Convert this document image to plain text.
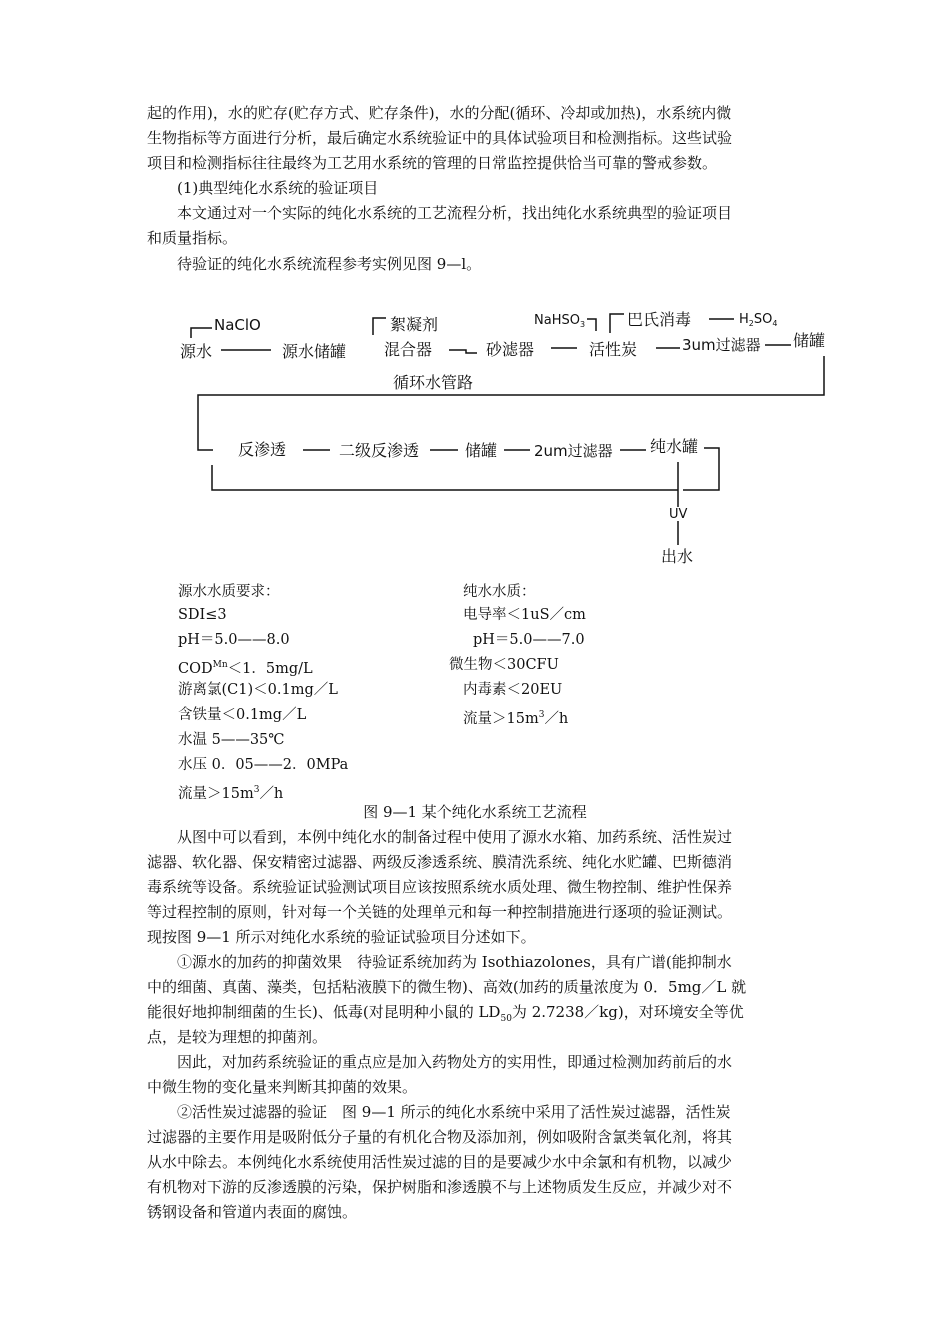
起的作用)，水的贮存(贮存方式、贮存条件)，水的分配(循环、冷却或加热)，水系统内微
生物指标等方面进行分析，最后确定水系统验证中的具体试验项目和检测指标。这些试验
项目和检测指标往往最终为工艺用水系统的管理的日常监控提供恰当可靠的警戒参数。
(1)典型纯化水系统的验证项目
本文通过对一个实际的纯化水系统的工艺流程分析，找出纯化水系统典型的验证项目
和质量指标。
待验证的纯化水系统流程参考实例见图 9—l。
NaClO
源水	源水储罐
絮凝剂
混合器	砂滤器
NaHSO$_3$	巴氏消毒
活性炭	3um过滤器
$H_2SO_4$
储罐
循环水管路
反渗透	二级反渗透	储罐 2um过滤器 纯水罐
UV
出水
源水水质要求：
SDI≤3
pH＝5.0——8.0
$COD^{Mn}<1$．5mg/L
游离氯(C1)＜0.1mg／L
含铁量＜0.1mg／L
水温 5——35℃
水压 0．05——2．0MPa
流量$>15m^3/h$
纯水水质：
电导率＜1uS／cm
pH＝5.0——7.0
微生物＜30CFU
内毒素＜20EU
流量$>15m^3/h$
图 9—1 某个纯化水系统工艺流程
从图中可以看到，本例中纯化水的制备过程中使用了源水水箱、加药系统、活性炭过
滤器、软化器、保安精密过滤器、两级反渗透系统、膜清洗系统、纯化水贮罐、巴斯德消
毒系统等设备。系统验证试验测试项目应该按照系统水质处理、微生物控制、维护性保养
等过程控制的原则，针对每一个关链的处理单元和每一种控制措施进行逐项的验证测试。
现按图 9—1 所示对纯化水系统的验证试验项目分述如下。
①源水的加药的抑菌效果　待验证系统加药为 Isothiazolones，具有广谱(能抑制水
中的细菌、真菌、藻类，包括粘液膜下的微生物)、高效(加药的质量浓度为 0．5mg／L 就
能很好地抑制细菌的生长)、低毒(对昆明种小鼠的 $LD_{50}$为 2.7238／kg)，对环境安全等优
点，是较为理想的抑菌剂。
因此，对加药系统验证的重点应是加入药物处方的实用性，即通过检测加药前后的水
中微生物的变化量来判断其抑菌的效果。
②活性炭过滤器的验证　图 9—1 所示的纯化水系统中采用了活性炭过滤器，活性炭
过滤器的主要作用是吸附低分子量的有机化合物及添加剂，例如吸附含氯类氧化剂，将其
从水中除去。本例纯化水系统使用活性炭过滤的目的是要减少水中余氯和有机物，以减少
有机物对下游的反渗透膜的污染，保护树脂和渗透膜不与上述物质发生反应，并减少对不
锈钢设备和管道内表面的腐蚀。
